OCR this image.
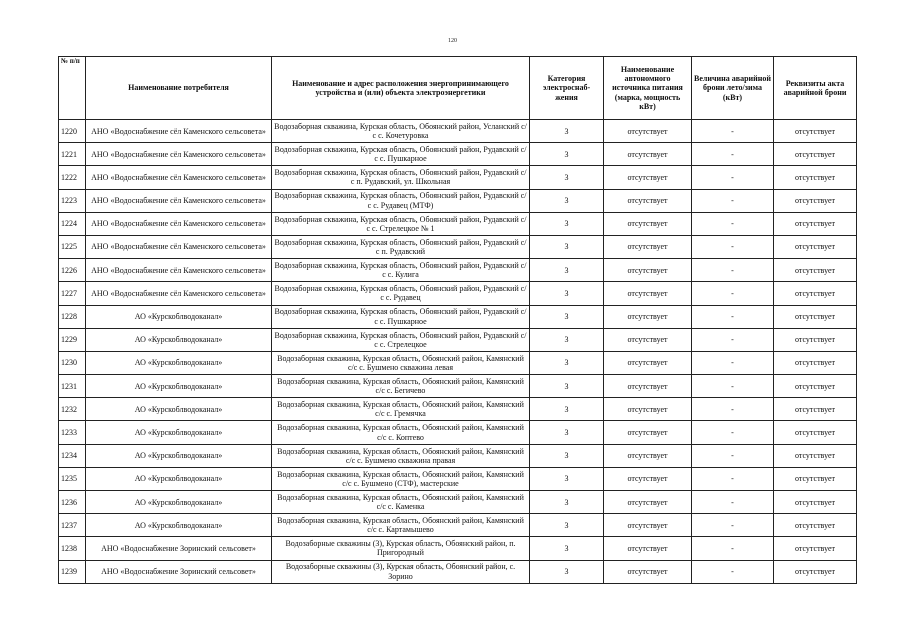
120
№ п/п	Наименование потребителя	Наименование и адрес расположения энергопринимающего устройства и (или) объекта электроэнергетики	Категория электроснаб-жения	Наименование автономного источника питания (марка, мощность кВт)	Величина аварийной брони лето/зима (кВт)	Реквизиты акта аварийной брони
1220	АНО «Водоснабжение сёл Каменского сельсовета»	Водозаборная скважина, Курская область, Обоянский район, Усланский с/с с. Кочетуровка	3	отсутствует	-	отсутствует
1221	АНО «Водоснабжение сёл Каменского сельсовета»	Водозаборная скважина, Курская область, Обоянский район, Рудавский с/с с. Пушкарное	3	отсутствует	-	отсутствует
1222	АНО «Водоснабжение сёл Каменского сельсовета»	Водозаборная скважина, Курская область, Обоянский район, Рудавский с/с п. Рудавский, ул. Школьная	3	отсутствует	-	отсутствует
1223	АНО «Водоснабжение сёл Каменского сельсовета»	Водозаборная скважина, Курская область, Обоянский район, Рудавский с/с с. Рудавец (МТФ)	3	отсутствует	-	отсутствует
1224	АНО «Водоснабжение сёл Каменского сельсовета»	Водозаборная скважина, Курская область, Обоянский район, Рудавский с/с с. Стрелецкое № 1	3	отсутствует	-	отсутствует
1225	АНО «Водоснабжение сёл Каменского сельсовета»	Водозаборная скважина, Курская область, Обоянский район, Рудавский с/с п. Рудавский	3	отсутствует	-	отсутствует
1226	АНО «Водоснабжение сёл Каменского сельсовета»	Водозаборная скважина, Курская область, Обоянский район, Рудавский с/с с. Кулига	3	отсутствует	-	отсутствует
1227	АНО «Водоснабжение сёл Каменского сельсовета»	Водозаборная скважина, Курская область, Обоянский район, Рудавский с/с с. Рудавец	3	отсутствует	-	отсутствует
1228	АО «Курскоблводоканал»	Водозаборная скважина, Курская область, Обоянский район, Рудавский с/с с. Пушкарное	3	отсутствует	-	отсутствует
1229	АО «Курскоблводоканал»	Водозаборная скважина, Курская область, Обоянский район, Рудавский с/с с. Стрелецкое	3	отсутствует	-	отсутствует
1230	АО «Курскоблводоканал»	Водозаборная скважина, Курская область, Обоянский район, Камянский с/с с. Бушмено скважина левая	3	отсутствует	-	отсутствует
1231	АО «Курскоблводоканал»	Водозаборная скважина, Курская область, Обоянский район, Камянский с/с с. Бегичево	3	отсутствует	-	отсутствует
1232	АО «Курскоблводоканал»	Водозаборная скважина, Курская область, Обоянский район, Камянский с/с с. Гремячка	3	отсутствует	-	отсутствует
1233	АО «Курскоблводоканал»	Водозаборная скважина, Курская область, Обоянский район, Камянский с/с с. Коптево	3	отсутствует	-	отсутствует
1234	АО «Курскоблводоканал»	Водозаборная скважина, Курская область, Обоянский район, Камянский с/с с. Бушмено скважина правая	3	отсутствует	-	отсутствует
1235	АО «Курскоблводоканал»	Водозаборная скважина, Курская область, Обоянский район, Камянский с/с с. Бушмено (СТФ), мастерские	3	отсутствует	-	отсутствует
1236	АО «Курскоблводоканал»	Водозаборная скважина, Курская область, Обоянский район, Камянский с/с с. Каменка	3	отсутствует	-	отсутствует
1237	АО «Курскоблводоканал»	Водозаборная скважина, Курская область, Обоянский район, Камянский с/с с. Картамышево	3	отсутствует	-	отсутствует
1238	АНО «Водоснабжение Зоринский сельсовет»	Водозаборные скважины (3), Курская область, Обоянский район, п. Пригородный	3	отсутствует	-	отсутствует
1239	АНО «Водоснабжение Зоринский сельсовет»	Водозаборные скважины (3), Курская область, Обоянский район, с. Зорино	3	отсутствует	-	отсутствует
